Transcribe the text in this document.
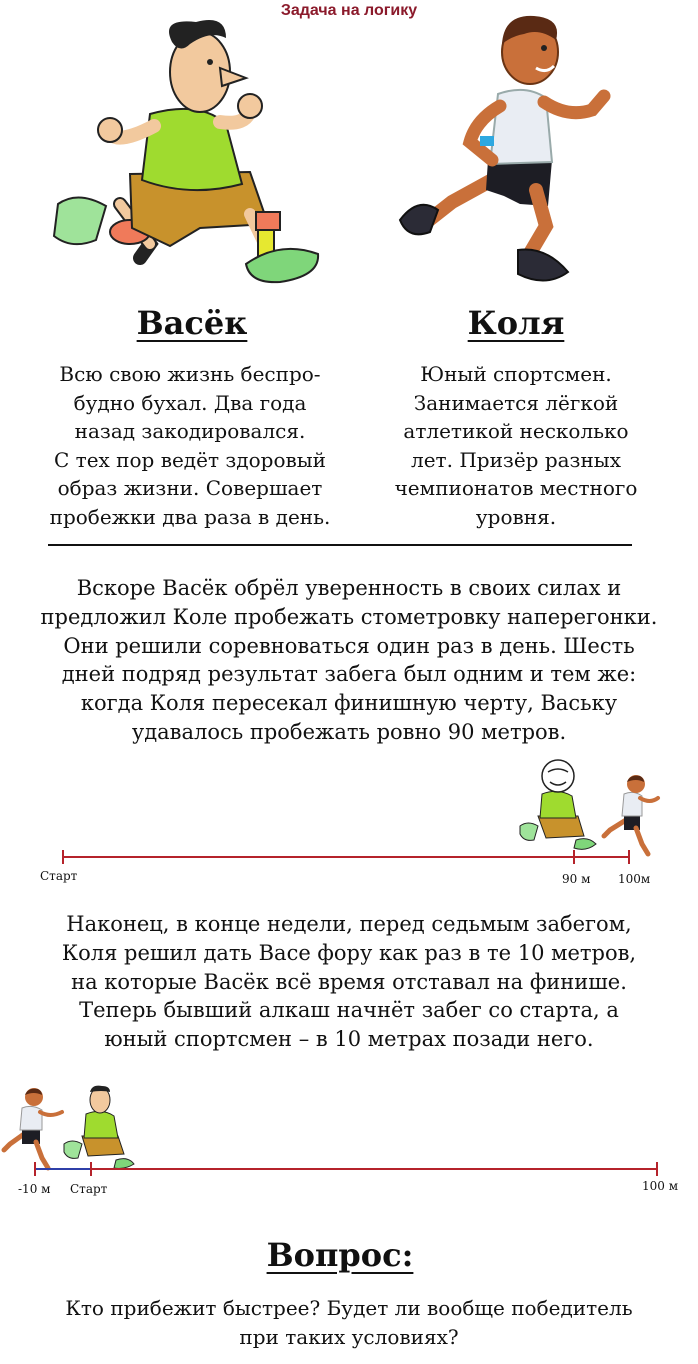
Задача на логику
Васёк	Коля
Всю свою жизнь беспро-
будно бухал. Два года
назад закодировался.
С тех пор ведёт здоровый
образ жизни. Совершает
пробежки два раза в день.
Юный спортсмен.
Занимается лёгкой
атлетикой несколько
лет. Призёр разных
чемпионатов местного
уровня.
Вскоре Васёк обрёл уверенность в своих силах и
предложил Коле пробежать стометровку наперегонки.
Они решили соревноваться один раз в день. Шесть
дней подряд результат забега был одним и тем же:
когда Коля пересекал финишную черту, Ваську
удавалось пробежать ровно 90 метров.
Старт	90 м 100м
Наконец, в конце недели, перед седьмым забегом,
Коля решил дать Васе фору как раз в те 10 метров,
на которые Васёк всё время отставал на финише.
Теперь бывший алкаш начнёт забег со старта, а
юный спортсмен – в 10 метрах позади него.
-10 м Старт	100 м
Вопрос:
Кто прибежит быстрее? Будет ли вообще победитель
при таких условиях?
